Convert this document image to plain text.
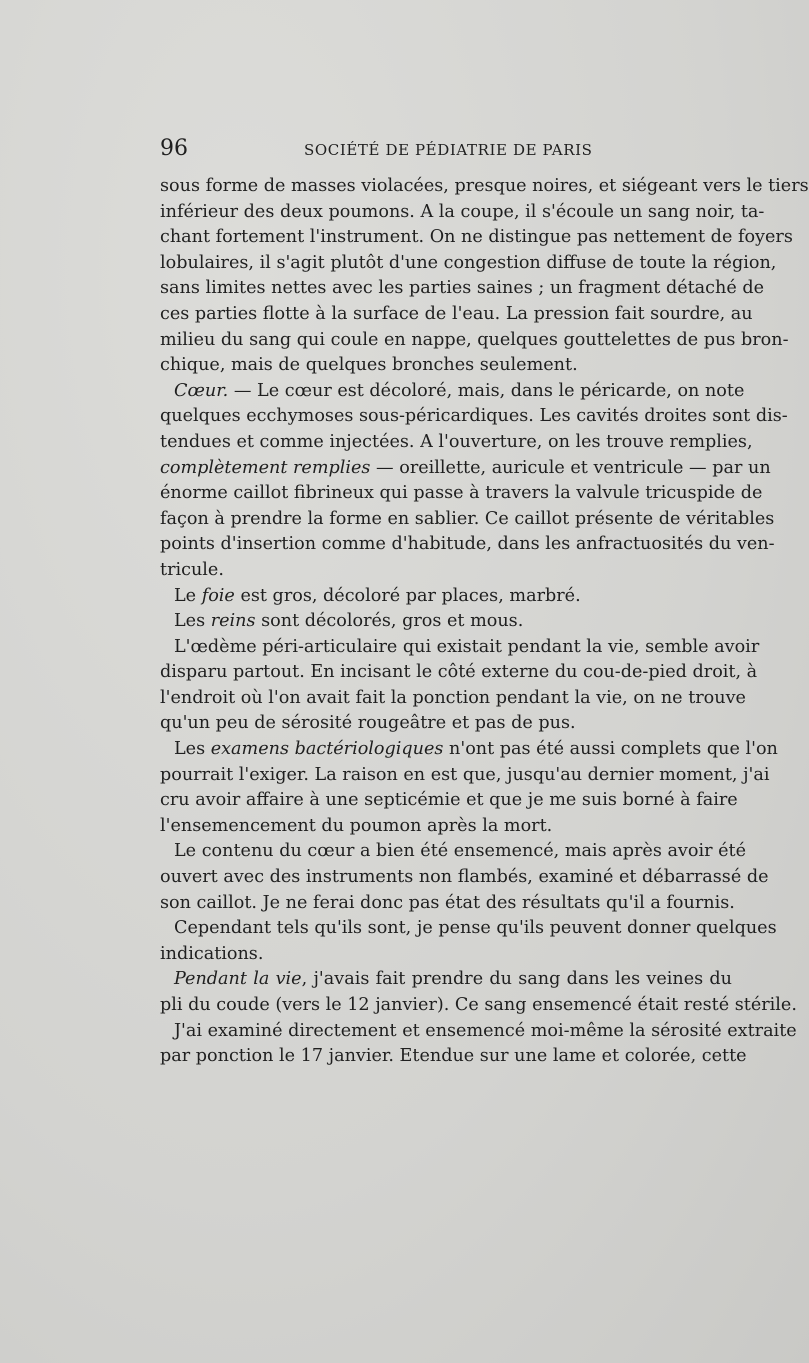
96	SOCIÉTÉ DE PÉDIATRIE DE PARIS
sous forme de masses violacées, presque noires, et siégeant vers le tiers
inférieur des deux poumons. A la coupe, il s'écoule un sang noir, ta-
chant fortement l'instrument. On ne distingue pas nettement de foyers
lobulaires, il s'agit plutôt d'une congestion diffuse de toute la région,
sans limites nettes avec les parties saines ; un fragment détaché de
ces parties flotte à la surface de l'eau. La pression fait sourdre, au
milieu du sang qui coule en nappe, quelques gouttelettes de pus bron-
chique, mais de quelques bronches seulement.
Cœur. — Le cœur est décoloré, mais, dans le péricarde, on note
quelques ecchymoses sous-péricardiques. Les cavités droites sont dis-
tendues et comme injectées. A l'ouverture, on les trouve remplies,
complètement remplies — oreillette, auricule et ventricule — par un
énorme caillot fibrineux qui passe à travers la valvule tricuspide de
façon à prendre la forme en sablier. Ce caillot présente de véritables
points d'insertion comme d'habitude, dans les anfractuosités du ven-
tricule.
Le foie est gros, décoloré par places, marbré.
Les reins sont décolorés, gros et mous.
L'œdème péri-articulaire qui existait pendant la vie, semble avoir
disparu partout. En incisant le côté externe du cou-de-pied droit, à
l'endroit où l'on avait fait la ponction pendant la vie, on ne trouve
qu'un peu de sérosité rougeâtre et pas de pus.
Les examens bactériologiques n'ont pas été aussi complets que l'on
pourrait l'exiger. La raison en est que, jusqu'au dernier moment, j'ai
cru avoir affaire à une septicémie et que je me suis borné à faire
l'ensemencement du poumon après la mort.
Le contenu du cœur a bien été ensemencé, mais après avoir été
ouvert avec des instruments non flambés, examiné et débarrassé de
son caillot. Je ne ferai donc pas état des résultats qu'il a fournis.
Cependant tels qu'ils sont, je pense qu'ils peuvent donner quelques
indications.
Pendant la vie, j'avais fait prendre du sang dans les veines du
pli du coude (vers le 12 janvier). Ce sang ensemencé était resté stérile.
J'ai examiné directement et ensemencé moi-même la sérosité extraite
par ponction le 17 janvier. Etendue sur une lame et colorée, cette
